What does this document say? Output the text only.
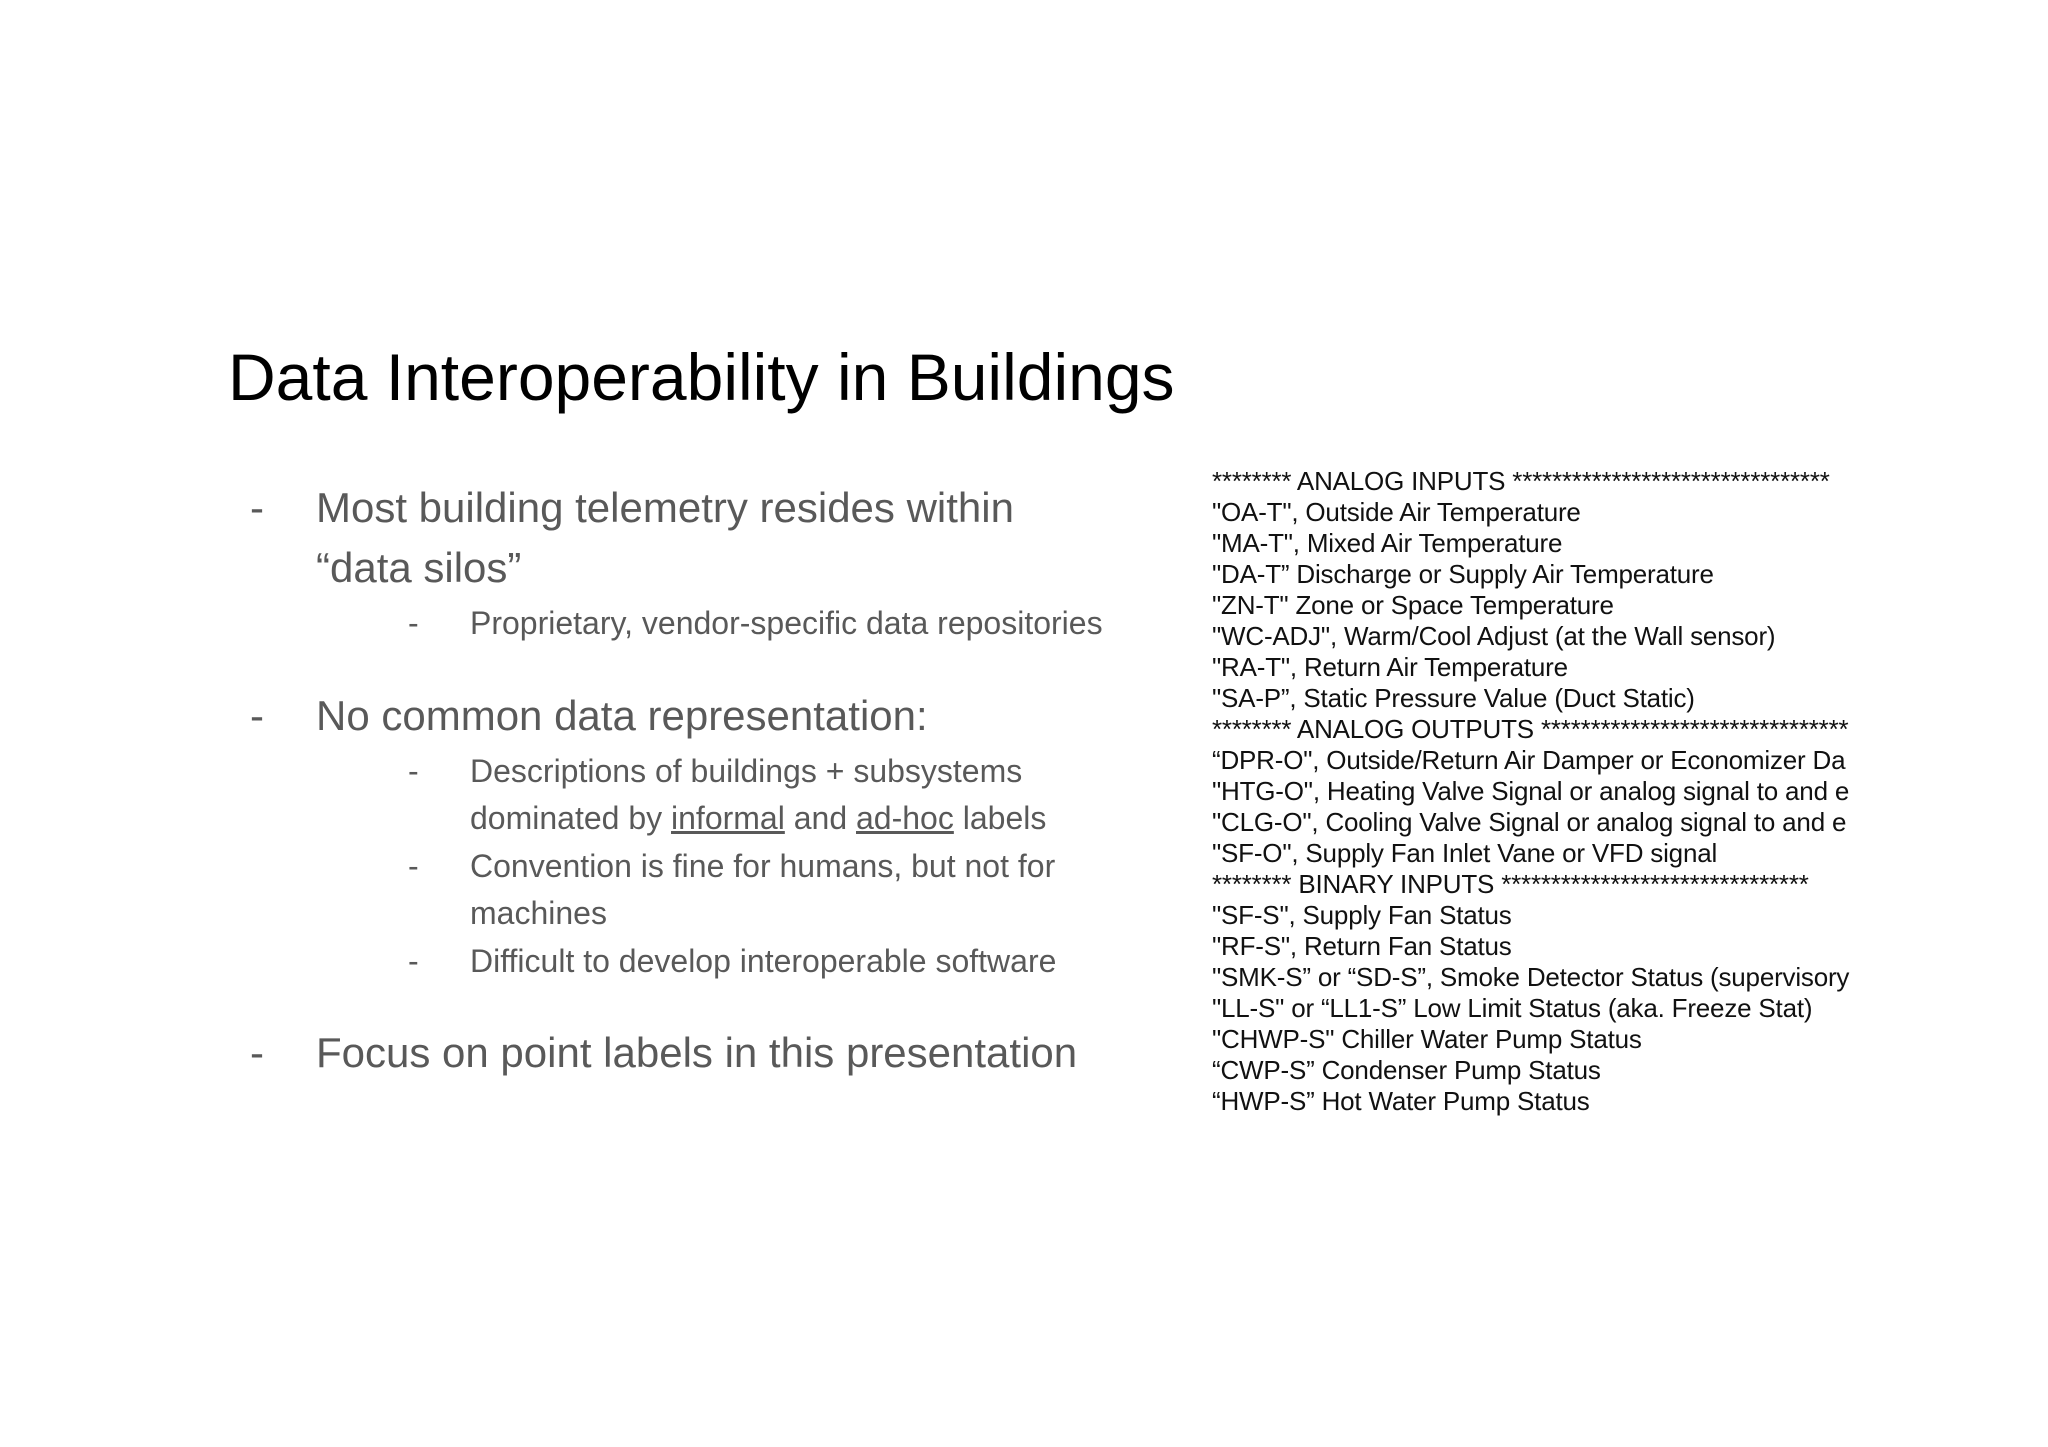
Data Interoperability in Buildings
- Most building telemetry resides within
“data silos”
- Proprietary, vendor-specific data repositories
- No common data representation:
- Descriptions of buildings + subsystems
dominated by informal and ad-hoc labels
- Convention is fine for humans, but not for
machines
- Difficult to develop interoperable software
- Focus on point labels in this presentation
******** ANALOG INPUTS ********************************
"OA-T", Outside Air Temperature
"MA-T", Mixed Air Temperature
"DA-T” Discharge or Supply Air Temperature
"ZN-T" Zone or Space Temperature
"WC-ADJ", Warm/Cool Adjust (at the Wall sensor)
"RA-T", Return Air Temperature
"SA-P”, Static Pressure Value (Duct Static)
******** ANALOG OUTPUTS *******************************
“DPR-O", Outside/Return Air Damper or Economizer Da
"HTG-O", Heating Valve Signal or analog signal to and e
"CLG-O", Cooling Valve Signal or analog signal to and e
"SF-O", Supply Fan Inlet Vane or VFD signal
******** BINARY INPUTS *******************************
"SF-S", Supply Fan Status
"RF-S", Return Fan Status
"SMK-S” or “SD-S”, Smoke Detector Status (supervisory
"LL-S" or “LL1-S” Low Limit Status (aka. Freeze Stat)
"CHWP-S" Chiller Water Pump Status
“CWP-S” Condenser Pump Status
“HWP-S” Hot Water Pump Status
